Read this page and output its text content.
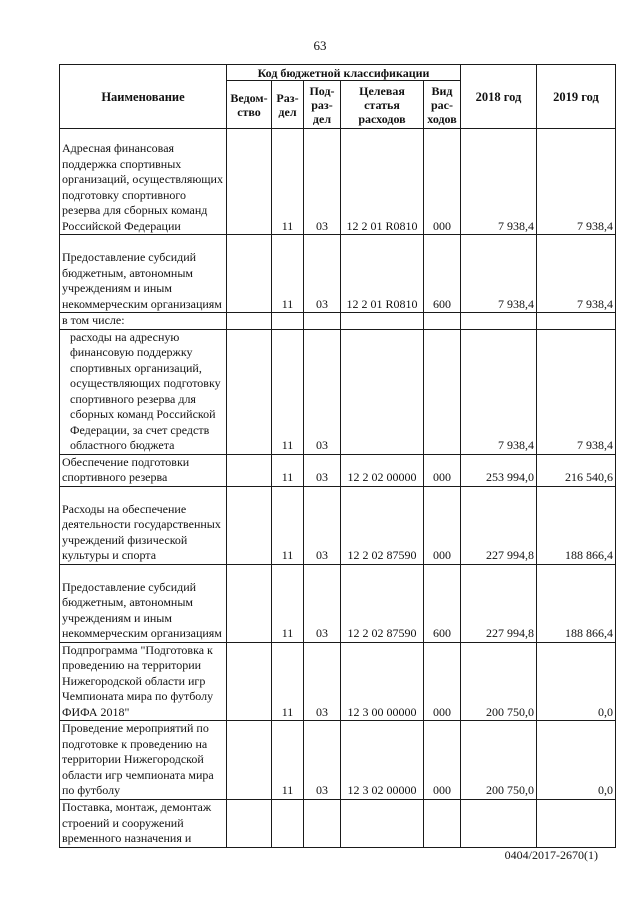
63
Наименование	Код бюджетной классификации					2018 год	2019 год
	Ведом-ство	Раз-дел	Под-раз-дел	Целевая статья расходов	Вид рас-ходов		
Адресная финансовая поддержка спортивных организаций, осуществляющих подготовку спортивного резерва для сборных команд Российской Федерации		11	03	12 2 01 R0810	000	7 938,4	7 938,4
Предоставление субсидий бюджетным, автономным учреждениям и иным некоммерческим организациям		11	03	12 2 01 R0810	600	7 938,4	7 938,4
в том числе:							
расходы на адресную финансовую поддержку спортивных организаций, осуществляющих подготовку спортивного резерва для сборных команд Российской Федерации, за счет средств областного бюджета		11	03			7 938,4	7 938,4
Обеспечение подготовки спортивного резерва		11	03	12 2 02 00000	000	253 994,0	216 540,6
Расходы на обеспечение деятельности государственных учреждений физической культуры и спорта		11	03	12 2 02 87590	000	227 994,8	188 866,4
Предоставление субсидий бюджетным, автономным учреждениям и иным некоммерческим организациям		11	03	12 2 02 87590	600	227 994,8	188 866,4
Подпрограмма "Подготовка к проведению на территории Нижегородской области игр Чемпионата мира по футболу ФИФА 2018"		11	03	12 3 00 00000	000	200 750,0	0,0
Проведение мероприятий по подготовке к проведению на территории Нижегородской области игр чемпионата мира по футболу		11	03	12 3 02 00000	000	200 750,0	0,0
Поставка, монтаж, демонтаж строений и сооружений временного назначения и							
0404/2017-2670(1)
